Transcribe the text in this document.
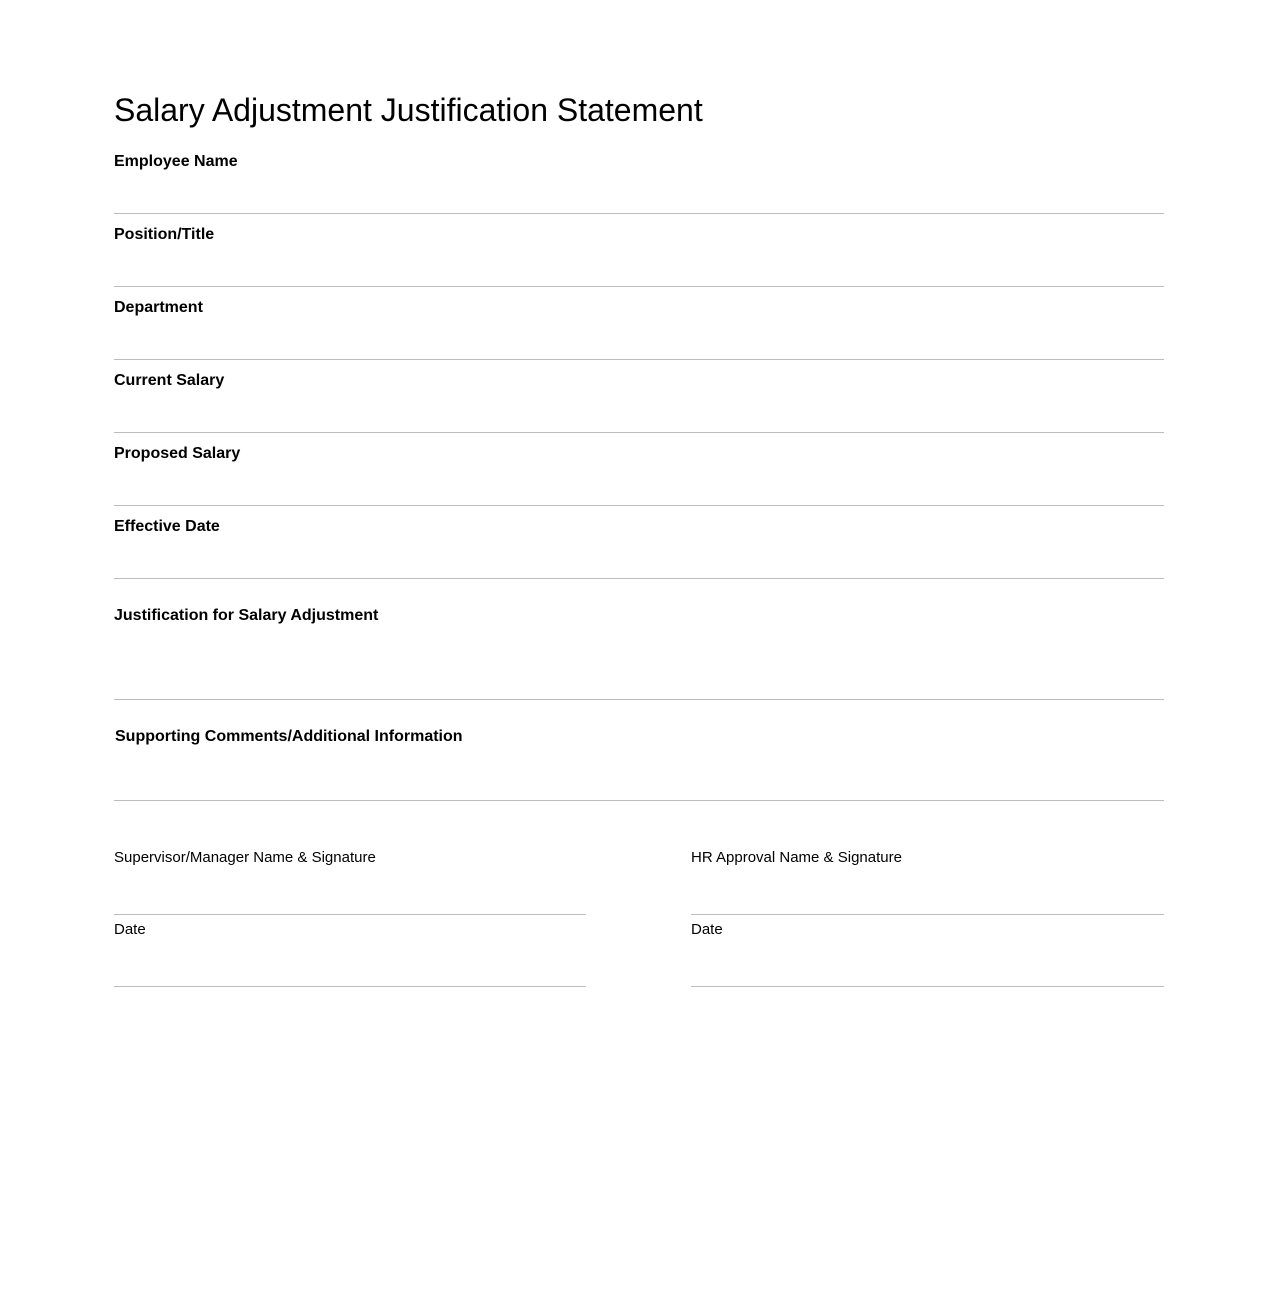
Salary Adjustment Justification Statement
Employee Name
Position/Title
Department
Current Salary
Proposed Salary
Effective Date
Justification for Salary Adjustment
Supporting Comments/Additional Information
Supervisor/Manager Name & Signature
Date
HR Approval Name & Signature
Date
